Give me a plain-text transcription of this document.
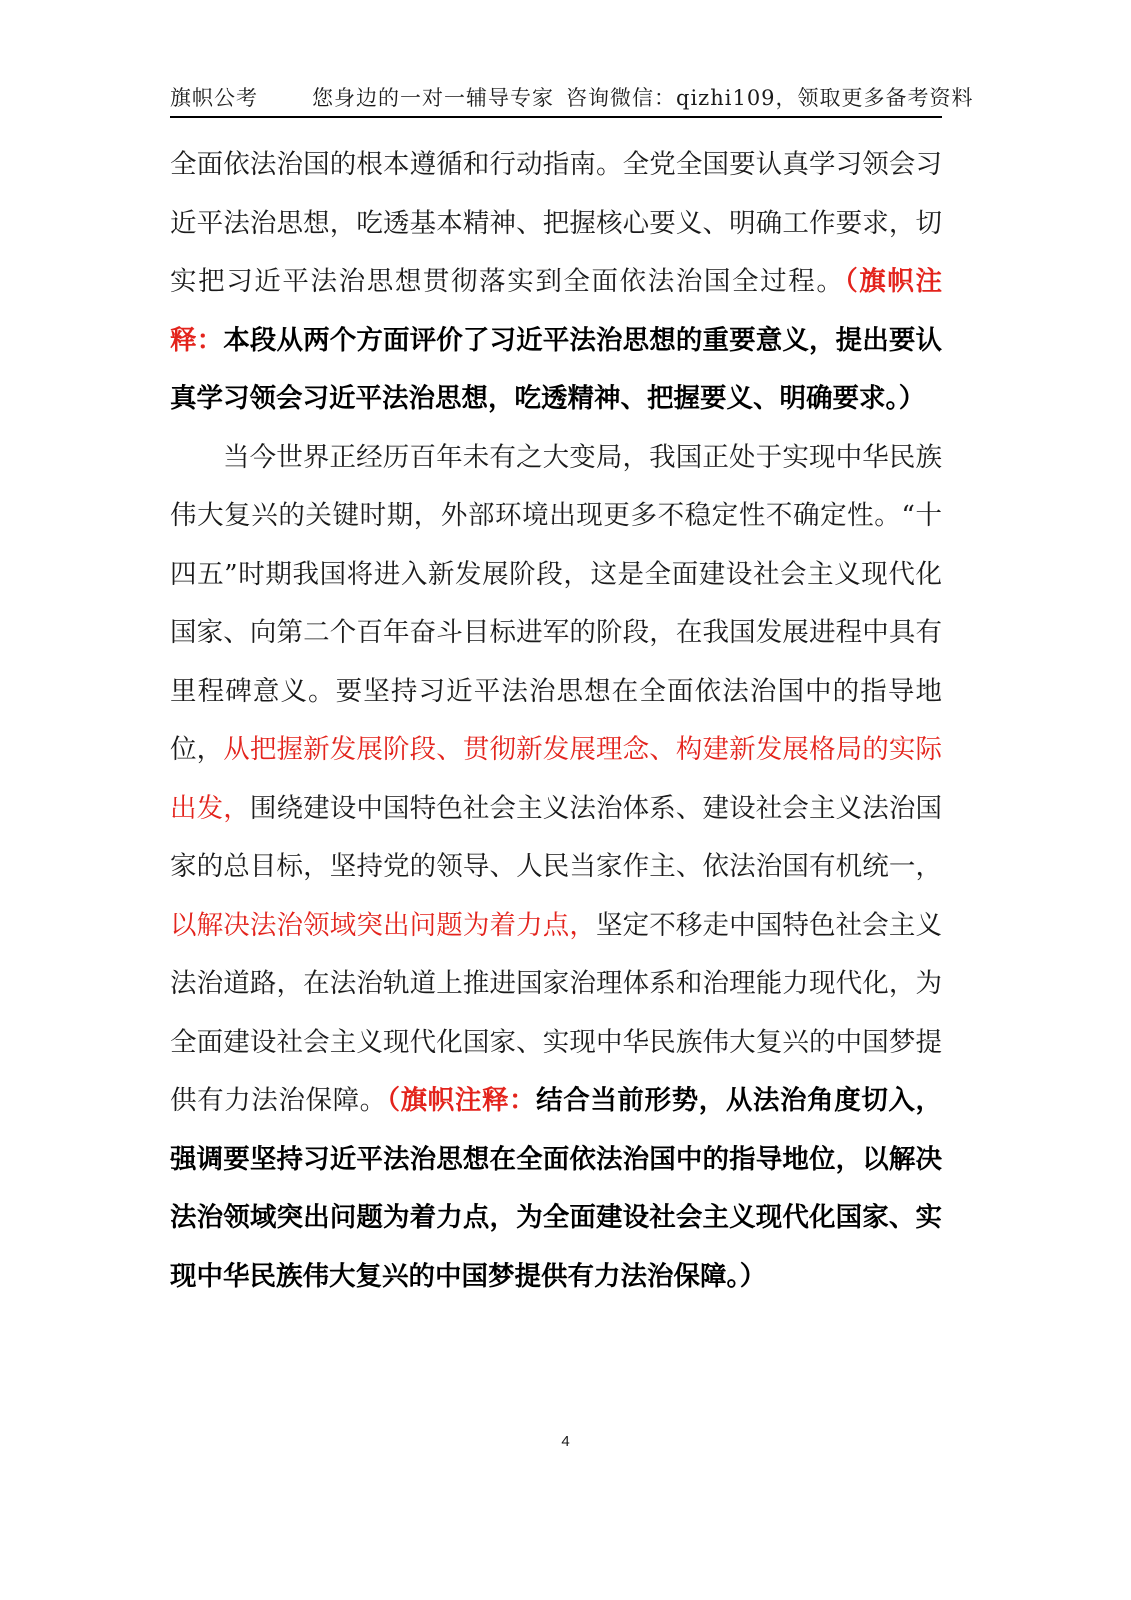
旗帜公考	您身边的一对一辅导专家 咨询微信：qizhi109，领取更多备考资料

全面依法治国的根本遵循和行动指南。全党全国要认真学习领会习近平法治思想，吃透基本精神、把握核心要义、明确工作要求，切实把习近平法治思想贯彻落实到全面依法治国全过程。（旗帜注释：本段从两个方面评价了习近平法治思想的重要意义，提出要认真学习领会习近平法治思想，吃透精神、把握要义、明确要求。）

当今世界正经历百年未有之大变局，我国正处于实现中华民族伟大复兴的关键时期，外部环境出现更多不稳定性不确定性。“十四五”时期我国将进入新发展阶段，这是全面建设社会主义现代化国家、向第二个百年奋斗目标进军的阶段，在我国发展进程中具有里程碑意义。要坚持习近平法治思想在全面依法治国中的指导地位，从把握新发展阶段、贯彻新发展理念、构建新发展格局的实际出发，围绕建设中国特色社会主义法治体系、建设社会主义法治国家的总目标，坚持党的领导、人民当家作主、依法治国有机统一，以解决法治领域突出问题为着力点，坚定不移走中国特色社会主义法治道路，在法治轨道上推进国家治理体系和治理能力现代化，为全面建设社会主义现代化国家、实现中华民族伟大复兴的中国梦提供有力法治保障。（旗帜注释：结合当前形势，从法治角度切入，强调要坚持习近平法治思想在全面依法治国中的指导地位，以解决法治领域突出问题为着力点，为全面建设社会主义现代化国家、实现中华民族伟大复兴的中国梦提供有力法治保障。）

4
